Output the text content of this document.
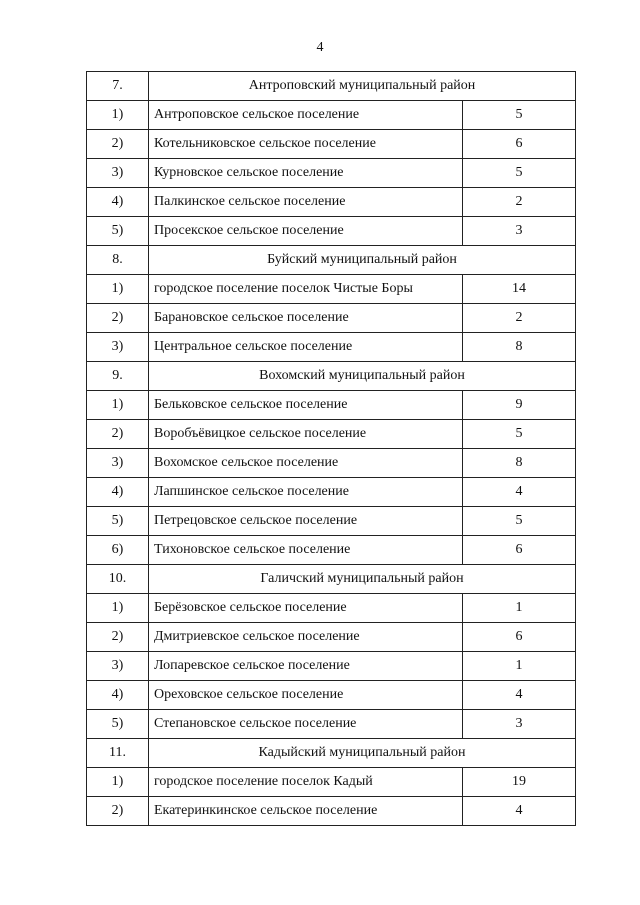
4
7.	Антроповский муниципальный район	
1)	Антроповское сельское поселение	5
2)	Котельниковское сельское поселение	6
3)	Курновское сельское поселение	5
4)	Палкинское сельское поселение	2
5)	Просекское сельское поселение	3
8.	Буйский муниципальный район	
1)	городское поселение поселок Чистые Боры	14
2)	Барановское сельское поселение	2
3)	Центральное сельское поселение	8
9.	Вохомский муниципальный район	
1)	Бельковское сельское поселение	9
2)	Воробъёвицкое сельское поселение	5
3)	Вохомское сельское поселение	8
4)	Лапшинское сельское поселение	4
5)	Петрецовское сельское поселение	5
6)	Тихоновское сельское поселение	6
10.	Галичский муниципальный район	
1)	Берёзовское сельское поселение	1
2)	Дмитриевское сельское поселение	6
3)	Лопаревское сельское поселение	1
4)	Ореховское сельское поселение	4
5)	Степановское сельское поселение	3
11.	Кадыйский муниципальный район	
1)	городское поселение поселок Кадый	19
2)	Екатеринкинское сельское поселение	4
